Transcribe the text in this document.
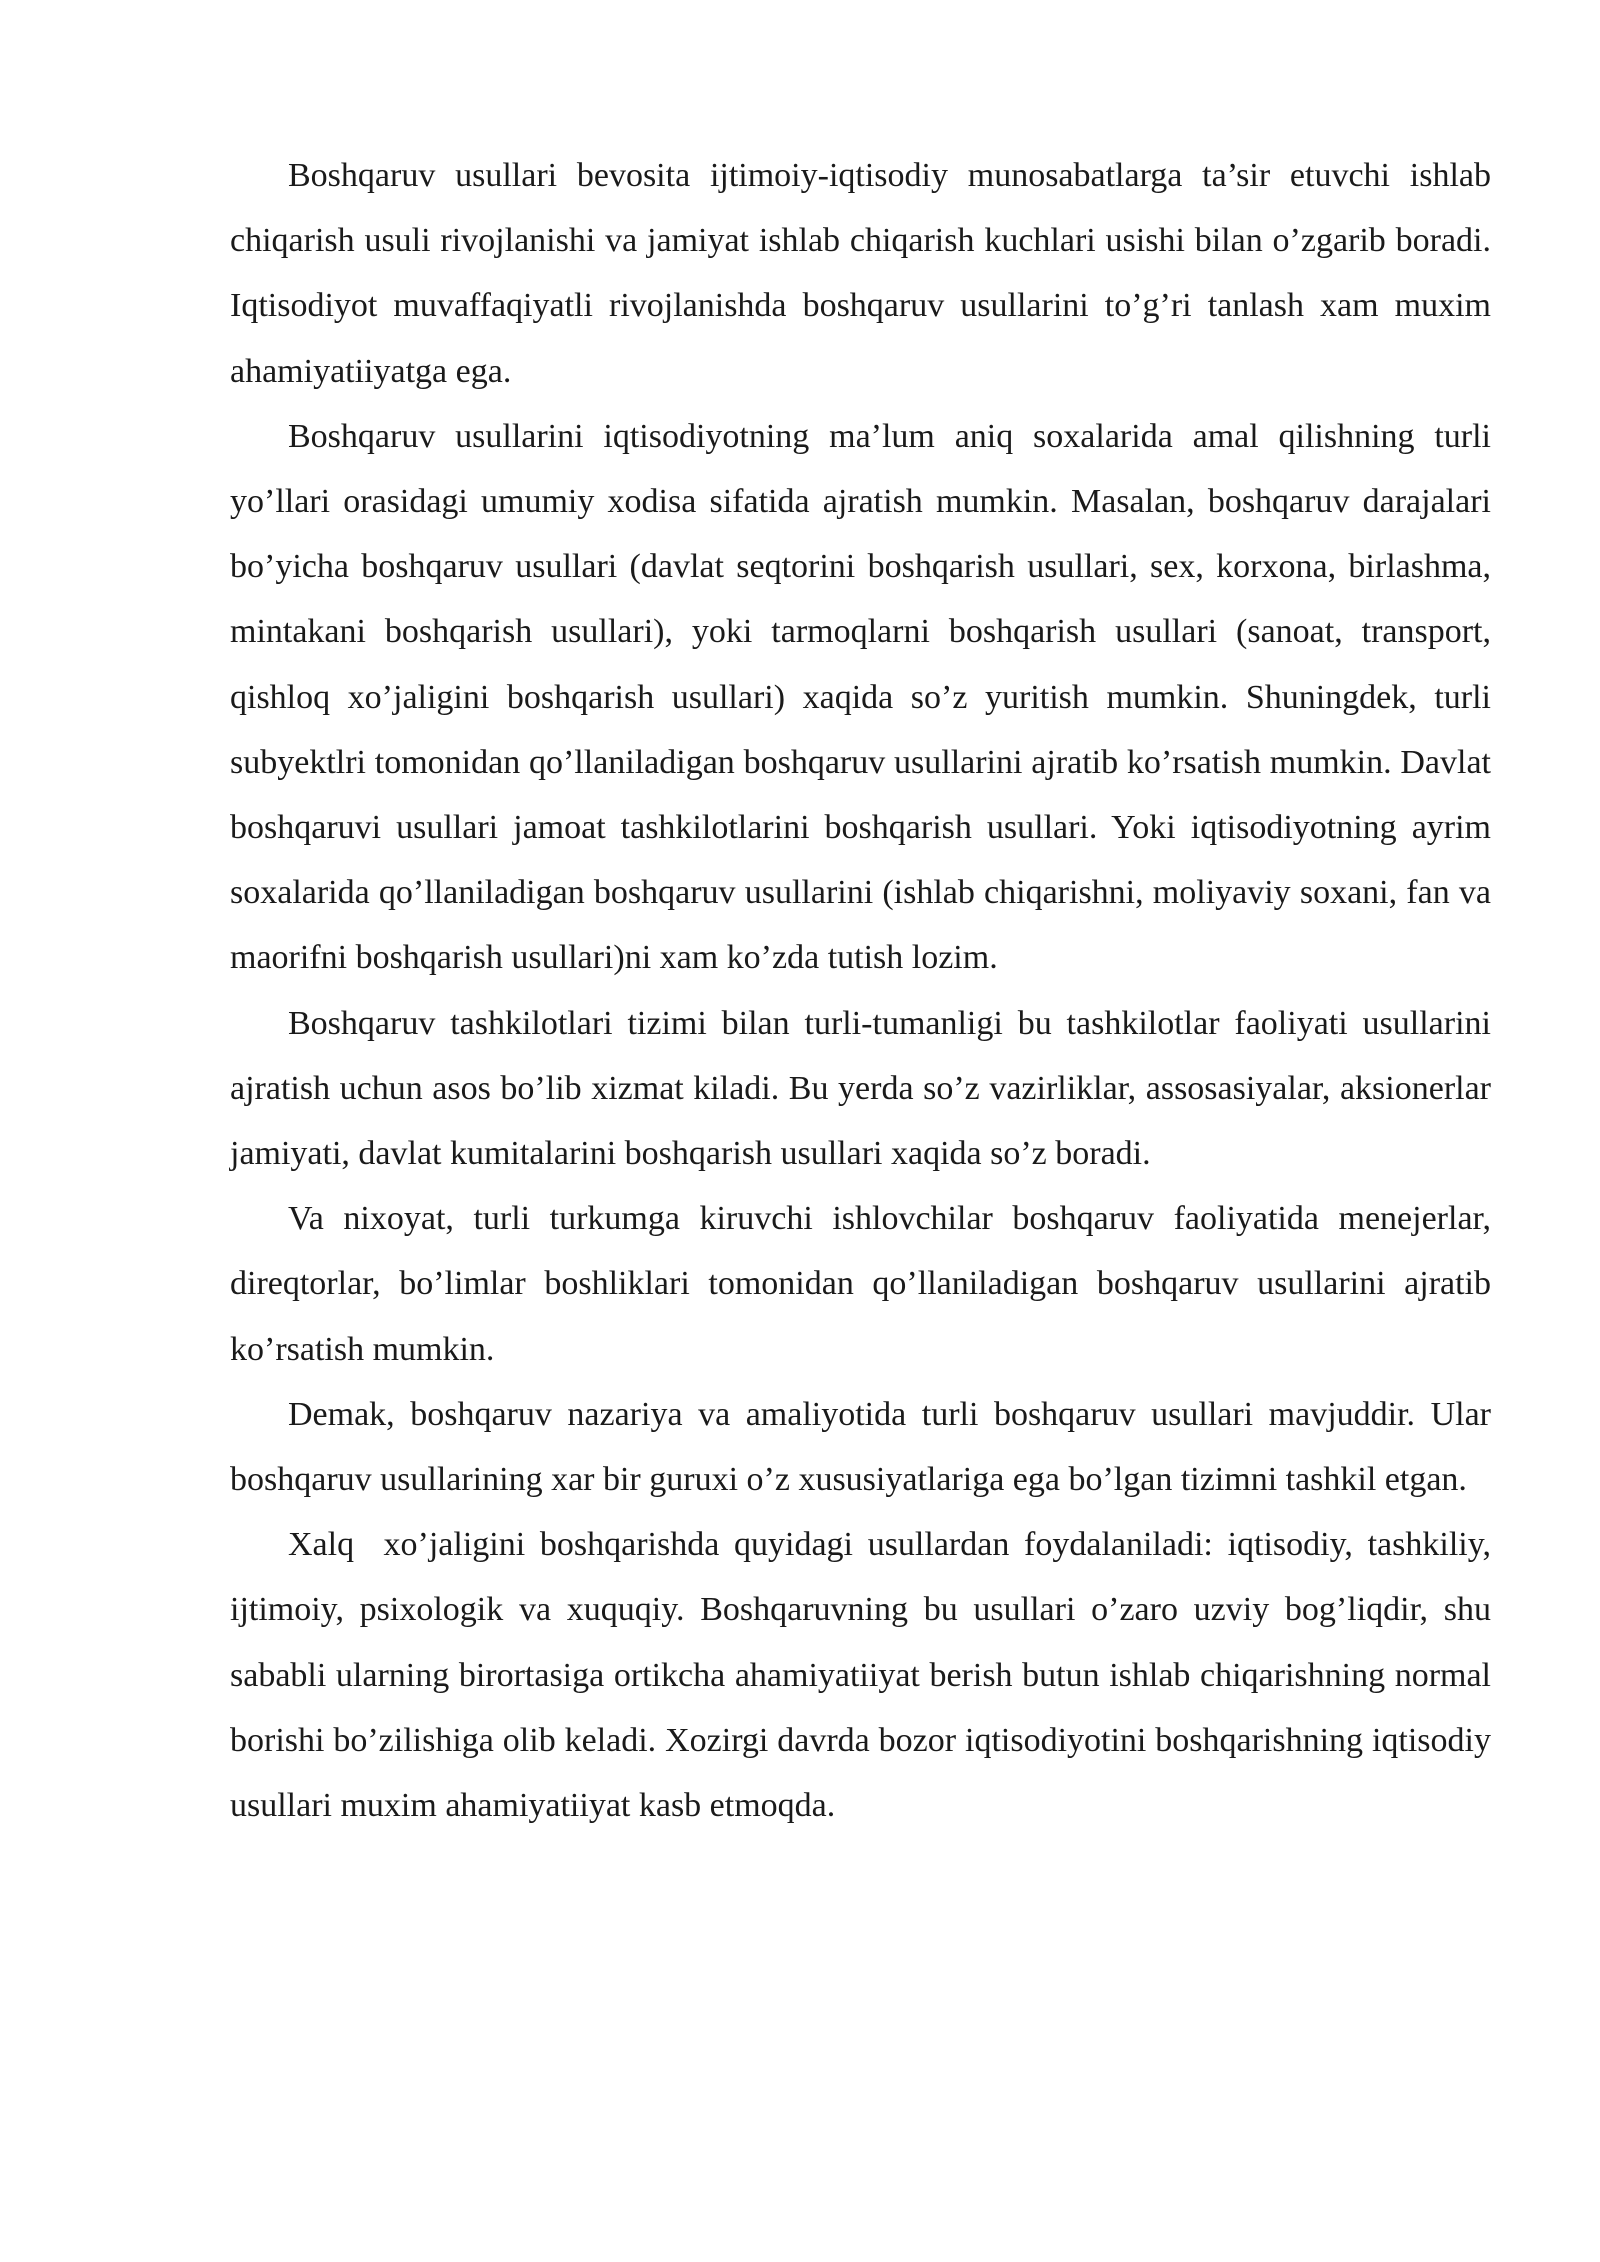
Boshqaruv usullari bevosita ijtimoiy-iqtisodiy munosabatlarga ta’sir etuvchi ishlab chiqarish usuli rivojlanishi va jamiyat ishlab chiqarish kuchlari usishi bilan o’zgarib boradi. Iqtisodiyot muvaffaqiyatli rivojlanishda boshqaruv usullarini to’g’ri tanlash xam muxim ahamiyatiiyatga ega.

Boshqaruv usullarini iqtisodiyotning ma’lum aniq soxalarida amal qilishning turli yo’llari orasidagi umumiy xodisa sifatida ajratish mumkin. Masalan, boshqaruv darajalari bo’yicha boshqaruv usullari (davlat seqtorini boshqarish usullari, sex, korxona, birlashma, mintakani boshqarish usullari), yoki tarmoqlarni boshqarish usullari (sanoat, transport, qishloq xo’jaligini boshqarish usullari) xaqida so’z yuritish mumkin. Shuningdek, turli subyektlri tomonidan qo’llaniladigan boshqaruv usullarini ajratib ko’rsatish mumkin. Davlat boshqaruvi usullari jamoat tashkilotlarini boshqarish usullari. Yoki iqtisodiyotning ayrim soxalarida qo’llaniladigan boshqaruv usullarini (ishlab chiqarishni, moliyaviy soxani, fan va maorifni boshqarish usullari)ni xam ko’zda tutish lozim.

Boshqaruv tashkilotlari tizimi bilan turli-tumanligi bu tashkilotlar faoliyati usullarini ajratish uchun asos bo’lib xizmat kiladi. Bu yerda so’z vazirliklar, assosasiyalar, aksionerlar jamiyati, davlat kumitalarini boshqarish usullari xaqida so’z boradi.

Va nixoyat, turli turkumga kiruvchi ishlovchilar boshqaruv faoliyatida menejerlar, direqtorlar, bo’limlar boshliklari tomonidan qo’llaniladigan boshqaruv usullarini ajratib ko’rsatish mumkin.

Demak, boshqaruv nazariya va amaliyotida turli boshqaruv usullari mavjuddir. Ular boshqaruv usullarining xar bir guruxi o’z xususiyatlariga ega bo’lgan tizimni tashkil etgan.

Xalq  xo’jaligini boshqarishda quyidagi usullardan foydalaniladi: iqtisodiy, tashkiliy, ijtimoiy, psixologik va xuquqiy. Boshqaruvning bu usullari o’zaro uzviy bog’liqdir, shu sababli ularning birortasiga ortikcha ahamiyatiiyat berish butun ishlab chiqarishning normal borishi bo’zilishiga olib keladi. Xozirgi davrda bozor iqtisodiyotini boshqarishning iqtisodiy usullari muxim ahamiyatiiyat kasb etmoqda.
